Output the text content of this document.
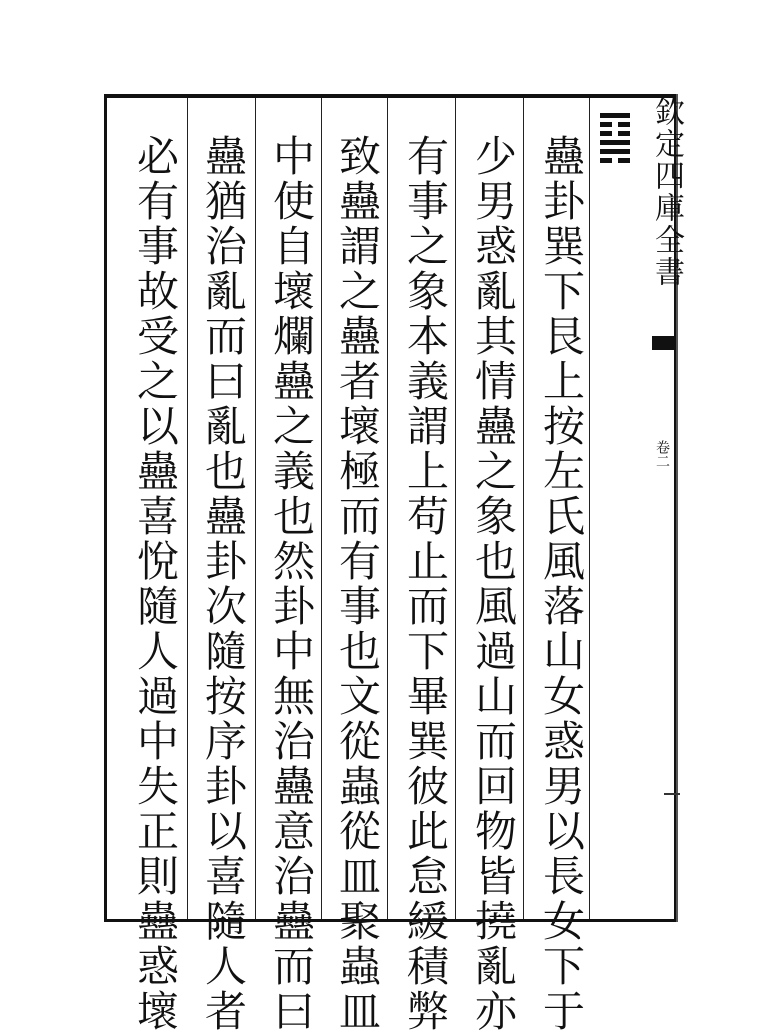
蠱卦巽下艮上按左氏風落山女惑男以長女下于
少男惑亂其情蠱之象也風過山而回物皆撓亂亦
有事之象本義謂上苟止而下畢巽彼此怠緩積弊
致蠱謂之蠱者壞極而有事也文從蟲從皿聚蟲皿
中使自壞爛蠱之義也然卦中無治蠱意治蠱而曰
蠱猶治亂而曰亂也蠱卦次隨按序卦以喜隨人者
必有事故受之以蠱喜悅隨人過中失正則蠱惑壞	欽定四庫全書
卷二
